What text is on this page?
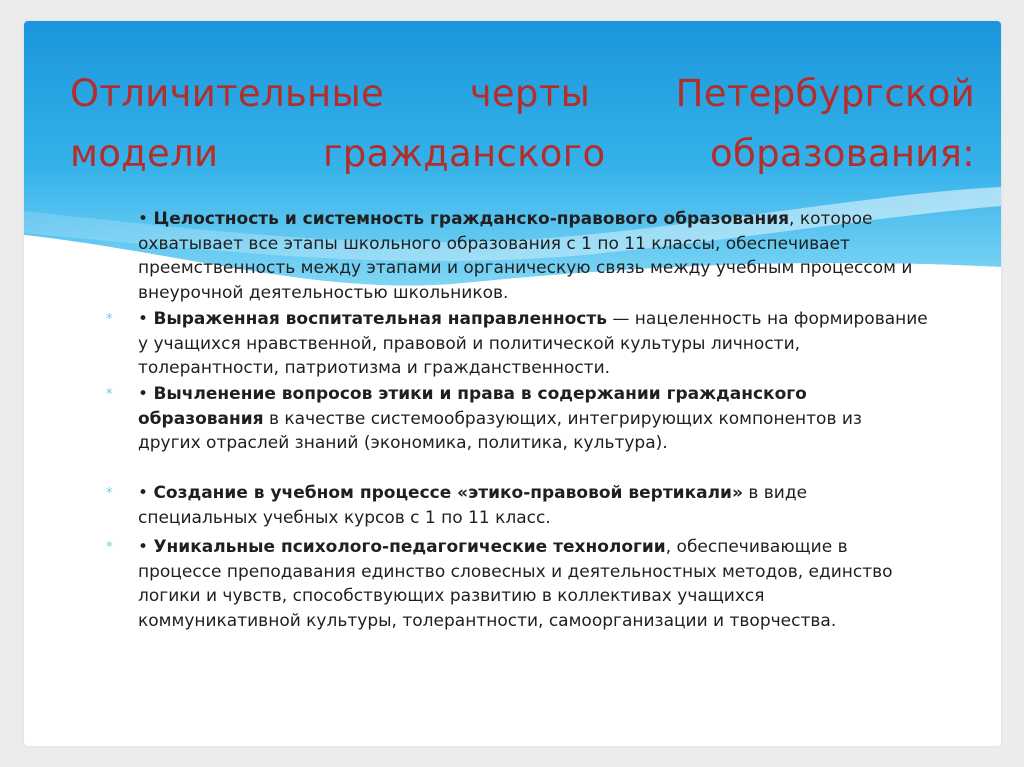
Отличительные черты Петербургской
модели	гражданского	образования:
* • Целостность и системность гражданско-правового образования, которое охватывает все этапы школьного образования с 1 по 11 классы, обеспечивает преемственность между этапами и органическую связь между учебным процессом и внеурочной деятельностью школьников.
* • Выраженная воспитательная направленность — нацеленность на формирование у учащихся нравственной, правовой и политической культуры личности, толерантности, патриотизма и гражданственности.
* • Вычленение вопросов этики и права в содержании гражданского образования в качестве системообразующих, интегрирующих компонентов из других отраслей знаний (экономика, политика, культура).
* • Создание в учебном процессе «этико-правовой вертикали» в виде специальных учебных курсов с 1 по 11 класс.
* • Уникальные психолого-педагогические технологии, обеспечивающие в процессе преподавания единство словесных и деятельностных методов, единство логики и чувств, способствующих развитию в коллективах учащихся коммуникативной культуры, толерантности, самоорганизации и творчества.
